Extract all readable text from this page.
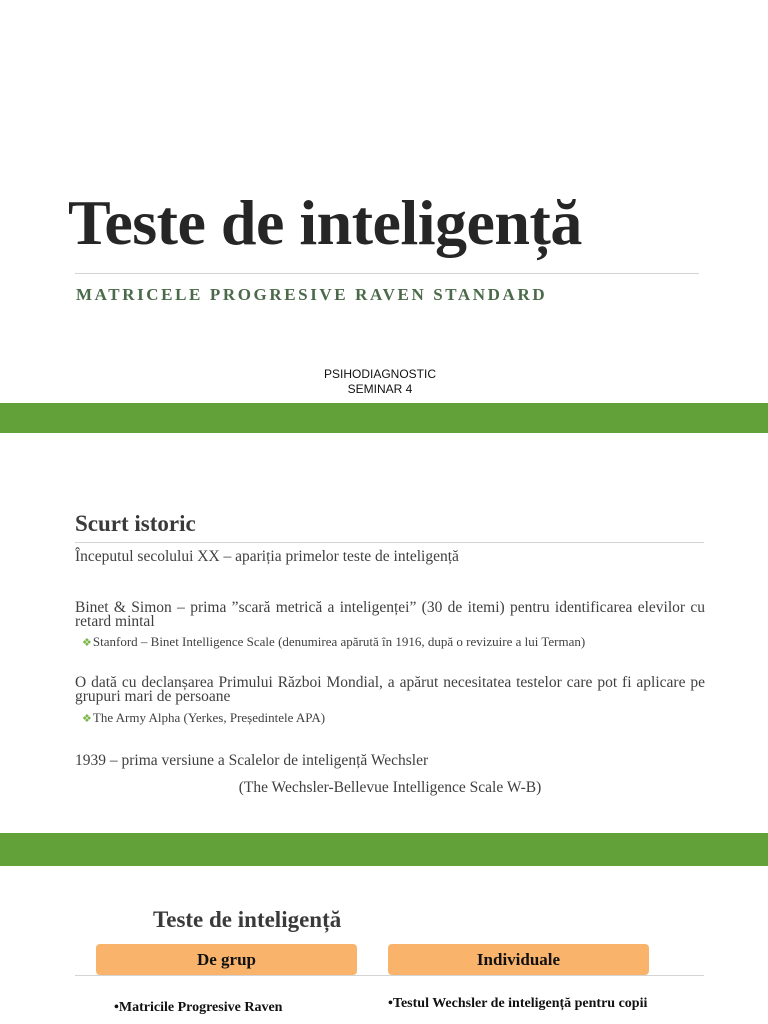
Teste de inteligență
MATRICELE PROGRESIVE RAVEN STANDARD
PSIHODIAGNOSTIC
SEMINAR 4
Scurt istoric
Începutul secolului XX – apariția primelor teste de inteligență
Binet & Simon – prima ”scară metrică a inteligenței” (30 de itemi) pentru identificarea elevilor cu retard mintal
❖Stanford – Binet Intelligence Scale (denumirea apărută în 1916, după o revizuire a lui Terman)
O dată cu declanșarea Primului Război Mondial, a apărut necesitatea testelor care pot fi aplicare pe grupuri mari de persoane
❖The Army Alpha (Yerkes, Președintele APA)
1939 – prima versiune a Scalelor de inteligență Wechsler
(The Wechsler-Bellevue Intelligence Scale W-B)
Teste de inteligență
De grup	Individuale
•Matricile Progresive Raven	•Testul Wechsler de inteligență pentru copii
